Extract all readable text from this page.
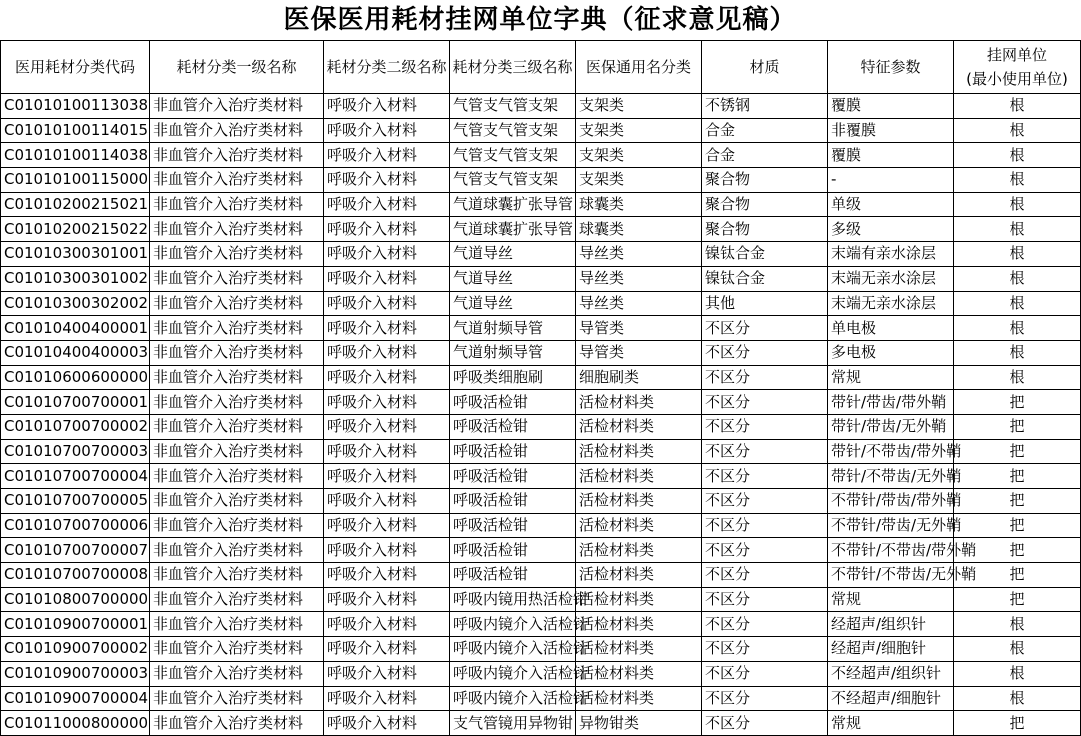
医保医用耗材挂网单位字典（征求意见稿）
医用耗材分类代码	耗材分类一级名称	耗材分类二级名称	耗材分类三级名称	医保通用名分类	材质	特征参数	挂网单位
(最小使用单位)
C01010100113038	非血管介入治疗类材料	呼吸介入材料	气管支气管支架	支架类	不锈钢	覆膜	根
C01010100114015	非血管介入治疗类材料	呼吸介入材料	气管支气管支架	支架类	合金	非覆膜	根
C01010100114038	非血管介入治疗类材料	呼吸介入材料	气管支气管支架	支架类	合金	覆膜	根
C01010100115000	非血管介入治疗类材料	呼吸介入材料	气管支气管支架	支架类	聚合物	-	根
C01010200215021	非血管介入治疗类材料	呼吸介入材料	气道球囊扩张导管	球囊类	聚合物	单级	根
C01010200215022	非血管介入治疗类材料	呼吸介入材料	气道球囊扩张导管	球囊类	聚合物	多级	根
C01010300301001	非血管介入治疗类材料	呼吸介入材料	气道导丝	导丝类	镍钛合金	末端有亲水涂层	根
C01010300301002	非血管介入治疗类材料	呼吸介入材料	气道导丝	导丝类	镍钛合金	末端无亲水涂层	根
C01010300302002	非血管介入治疗类材料	呼吸介入材料	气道导丝	导丝类	其他	末端无亲水涂层	根
C01010400400001	非血管介入治疗类材料	呼吸介入材料	气道射频导管	导管类	不区分	单电极	根
C01010400400003	非血管介入治疗类材料	呼吸介入材料	气道射频导管	导管类	不区分	多电极	根
C01010600600000	非血管介入治疗类材料	呼吸介入材料	呼吸类细胞刷	细胞刷类	不区分	常规	根
C01010700700001	非血管介入治疗类材料	呼吸介入材料	呼吸活检钳	活检材料类	不区分	带针/带齿/带外鞘	把
C01010700700002	非血管介入治疗类材料	呼吸介入材料	呼吸活检钳	活检材料类	不区分	带针/带齿/无外鞘	把
C01010700700003	非血管介入治疗类材料	呼吸介入材料	呼吸活检钳	活检材料类	不区分	带针/不带齿/带外鞘	把
C01010700700004	非血管介入治疗类材料	呼吸介入材料	呼吸活检钳	活检材料类	不区分	带针/不带齿/无外鞘	把
C01010700700005	非血管介入治疗类材料	呼吸介入材料	呼吸活检钳	活检材料类	不区分	不带针/带齿/带外鞘	把
C01010700700006	非血管介入治疗类材料	呼吸介入材料	呼吸活检钳	活检材料类	不区分	不带针/带齿/无外鞘	把
C01010700700007	非血管介入治疗类材料	呼吸介入材料	呼吸活检钳	活检材料类	不区分	不带针/不带齿/带外鞘	把
C01010700700008	非血管介入治疗类材料	呼吸介入材料	呼吸活检钳	活检材料类	不区分	不带针/不带齿/无外鞘	把
C01010800700000	非血管介入治疗类材料	呼吸介入材料	呼吸内镜用热活检钳	活检材料类	不区分	常规	把
C01010900700001	非血管介入治疗类材料	呼吸介入材料	呼吸内镜介入活检针	活检材料类	不区分	经超声/组织针	根
C01010900700002	非血管介入治疗类材料	呼吸介入材料	呼吸内镜介入活检针	活检材料类	不区分	经超声/细胞针	根
C01010900700003	非血管介入治疗类材料	呼吸介入材料	呼吸内镜介入活检针	活检材料类	不区分	不经超声/组织针	根
C01010900700004	非血管介入治疗类材料	呼吸介入材料	呼吸内镜介入活检针	活检材料类	不区分	不经超声/细胞针	根
C01011000800000	非血管介入治疗类材料	呼吸介入材料	支气管镜用异物钳	异物钳类	不区分	常规	把
